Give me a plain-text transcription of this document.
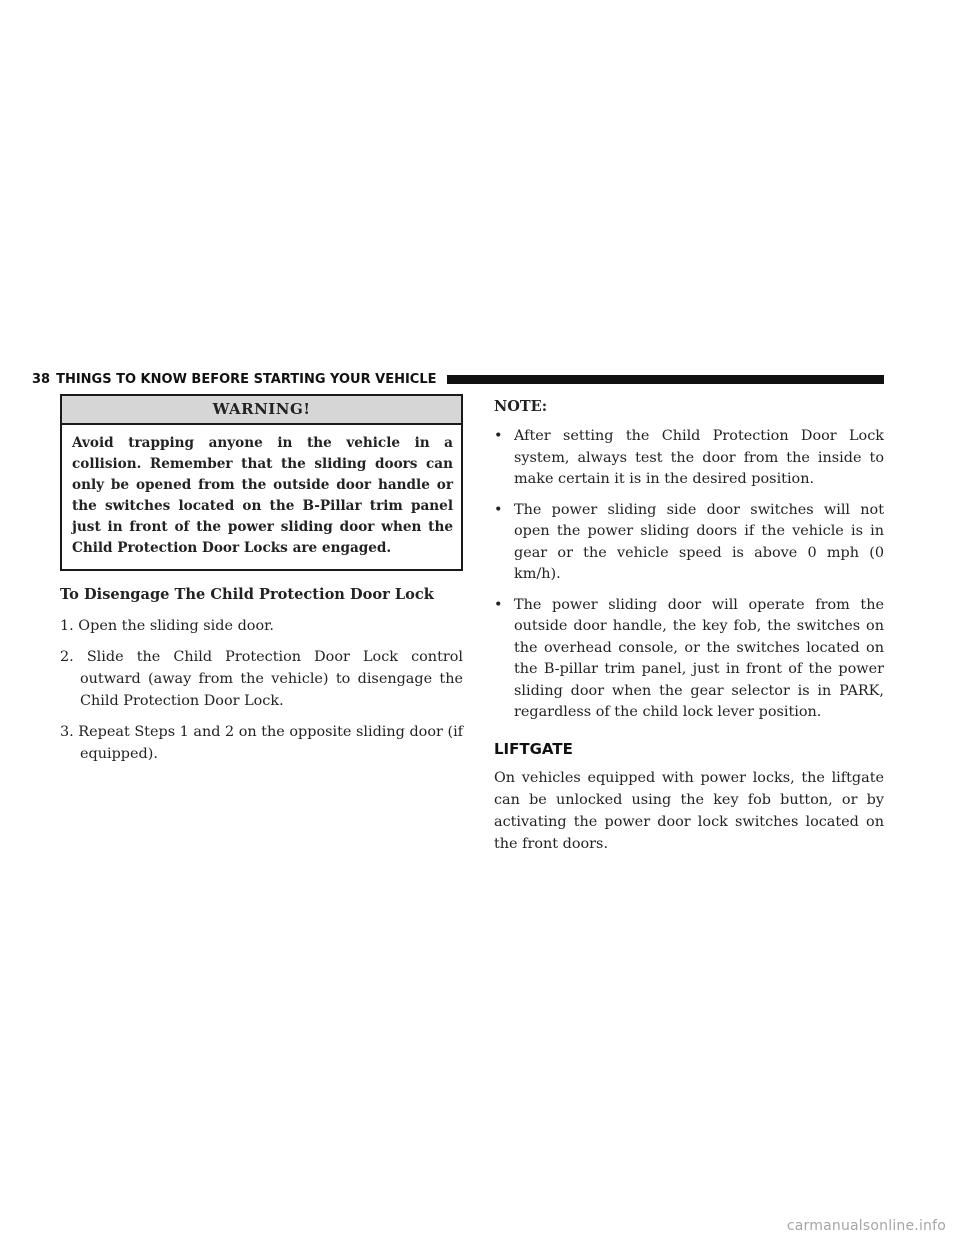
38 THINGS TO KNOW BEFORE STARTING YOUR VEHICLE
WARNING!
Avoid trapping anyone in the vehicle in a collision. Remember that the sliding doors can only be opened from the outside door handle or the switches located on the B-Pillar trim panel just in front of the power sliding door when the Child Protection Door Locks are engaged.
To Disengage The Child Protection Door Lock
1. Open the sliding side door.
2. Slide the Child Protection Door Lock control outward (away from the vehicle) to disengage the Child Protection Door Lock.
3. Repeat Steps 1 and 2 on the opposite sliding door (if equipped).
NOTE:
• After setting the Child Protection Door Lock system, always test the door from the inside to make certain it is in the desired position.
• The power sliding side door switches will not open the power sliding doors if the vehicle is in gear or the vehicle speed is above 0 mph (0 km/h).
• The power sliding door will operate from the outside door handle, the key fob, the switches on the overhead console, or the switches located on the B-pillar trim panel, just in front of the power sliding door when the gear selector is in PARK, regardless of the child lock lever position.
LIFTGATE
On vehicles equipped with power locks, the liftgate can be unlocked using the key fob button, or by activating the power door lock switches located on the front doors.
carmanualsonline.info
